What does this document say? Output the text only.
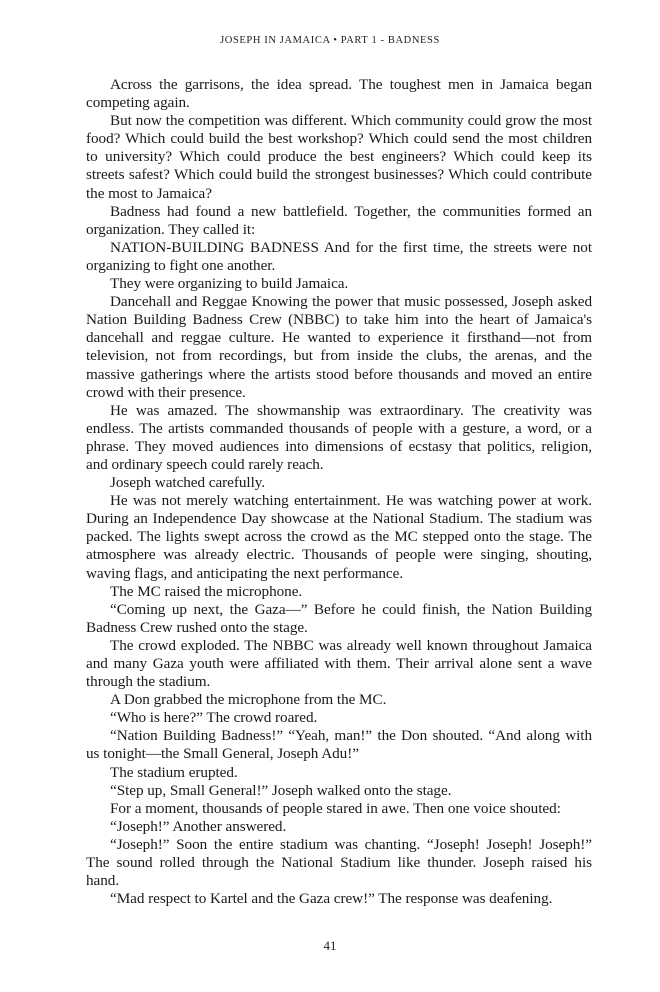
JOSEPH IN JAMAICA • PART 1 - BADNESS

Across the garrisons, the idea spread. The toughest men in Jamaica began competing again.

But now the competition was different. Which community could grow the most food? Which could build the best workshop? Which could send the most children to university? Which could produce the best engineers? Which could keep its streets safest? Which could build the strongest businesses? Which could contribute the most to Jamaica?

Badness had found a new battlefield. Together, the communities formed an organization. They called it:

NATION-BUILDING BADNESS And for the first time, the streets were not organizing to fight one another.

They were organizing to build Jamaica.

Dancehall and Reggae Knowing the power that music possessed, Joseph asked Nation Building Badness Crew (NBBC) to take him into the heart of Jamaica's dancehall and reggae culture. He wanted to experience it firsthand—not from television, not from recordings, but from inside the clubs, the arenas, and the massive gatherings where the artists stood before thousands and moved an entire crowd with their presence.

He was amazed. The showmanship was extraordinary. The creativity was endless. The artists commanded thousands of people with a gesture, a word, or a phrase. They moved audiences into dimensions of ecstasy that politics, religion, and ordinary speech could rarely reach.

Joseph watched carefully.

He was not merely watching entertainment. He was watching power at work. During an Independence Day showcase at the National Stadium. The stadium was packed. The lights swept across the crowd as the MC stepped onto the stage. The atmosphere was already electric. Thousands of people were singing, shouting, waving flags, and anticipating the next performance.

The MC raised the microphone.

“Coming up next, the Gaza—” Before he could finish, the Nation Building Badness Crew rushed onto the stage.

The crowd exploded. The NBBC was already well known throughout Jamaica and many Gaza youth were affiliated with them. Their arrival alone sent a wave through the stadium.

A Don grabbed the microphone from the MC.

“Who is here?” The crowd roared.

“Nation Building Badness!” “Yeah, man!” the Don shouted. “And along with us tonight—the Small General, Joseph Adu!”

The stadium erupted.

“Step up, Small General!” Joseph walked onto the stage.

For a moment, thousands of people stared in awe. Then one voice shouted:

“Joseph!” Another answered.

“Joseph!” Soon the entire stadium was chanting. “Joseph! Joseph! Joseph!” The sound rolled through the National Stadium like thunder. Joseph raised his hand.

“Mad respect to Kartel and the Gaza crew!” The response was deafening.

41
